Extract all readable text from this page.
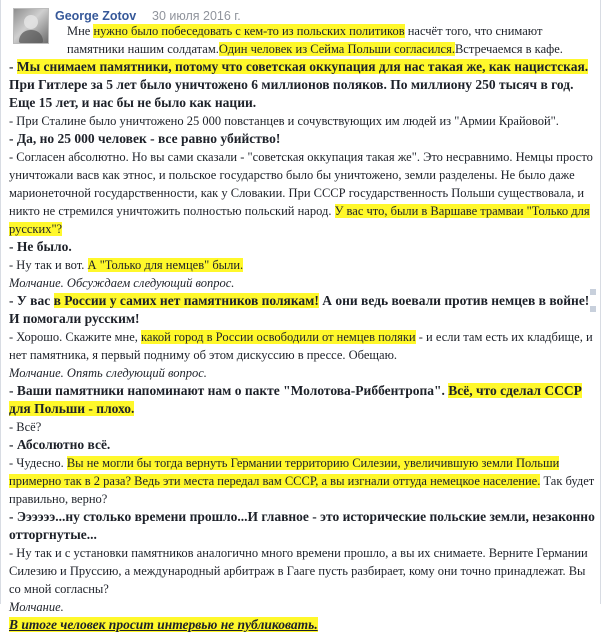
George Zotov 30 июля 2016 г.

Мне нужно было побеседовать с кем-то из польских политиков насчёт того, что снимают памятники нашим солдатам.Один человек из Сейма Польши согласился.Встречаемся в кафе.

- Мы снимаем памятники, потому что советская оккупация для нас такая же, как нацистская. При Гитлере за 5 лет было уничтожено 6 миллионов поляков. По миллиону 250 тысяч в год. Еще 15 лет, и нас бы не было как нации.

- При Сталине было уничтожено 25 000 повстанцев и сочувствующих им людей из "Армии Крайовой".

- Да, но 25 000 человек - все равно убийство!

- Согласен абсолютно. Но вы сами сказали - "советская оккупация такая же". Это несравнимо. Немцы просто уничтожали васв как этнос, и польское государство было бы уничтожено, земли разделены. Не было даже марионеточной государственности, как у Словакии. При СССР государственность Польши существовала, и никто не стремился уничтожить полностью польский народ. У вас что, были в Варшаве трамваи "Только для русских"?

- Не было.

- Ну так и вот. А "Только для немцев" были.

Молчание. Обсуждаем следующий вопрос.

- У вас в России у самих нет памятников полякам! А они ведь воевали против немцев в войне! И помогали русским!

- Хорошо. Скажите мне, какой город в России освободили от немцев поляки - и если там есть их кладбище, и нет памятника, я первый подниму об этом дискуссию в прессе. Обещаю.

Молчание. Опять следующий вопрос.

- Ваши памятники напоминают нам о пакте "Молотова-Риббентропа". Всё, что сделал СССР для Польши - плохо.

- Всё?

- Абсолютно всё.

- Чудесно. Вы не могли бы тогда вернуть Германии территорию Силезии, увеличившую земли Польши примерно так в 2 раза? Ведь эти места передал вам СССР, а вы изгнали оттуда немецкое население. Так будет правильно, верно?

- Ээээээ...ну столько времени прошло...И главное - это исторические польские земли, незаконно отторгнутые...

- Ну так и с установки памятников аналогично много времени прошло, а вы их снимаете. Верните Германии Силезию и Пруссию, а международный арбитраж в Гааге пусть разбирает, кому они точно принадлежат. Вы со мной согласны?

Молчание.

В итоге человек просит интервью не публиковать.
